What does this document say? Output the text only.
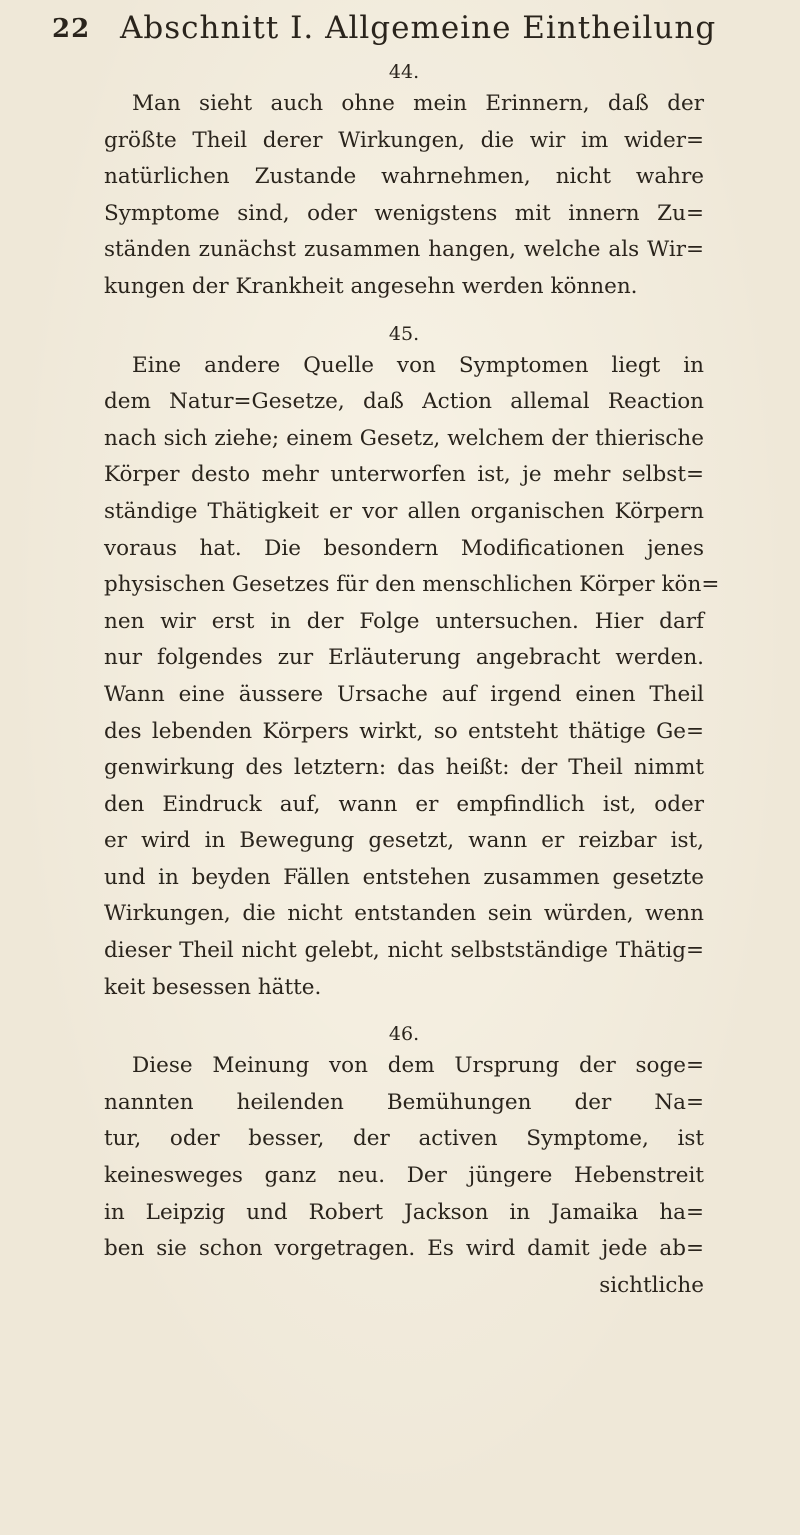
22 Abschnitt I. Allgemeine Eintheilung
44.
Man sieht auch ohne mein Erinnern, daß der
größte Theil derer Wirkungen, die wir im wider=
natürlichen Zustande wahrnehmen, nicht wahre
Symptome sind, oder wenigstens mit innern Zu=
ständen zunächst zusammen hangen, welche als Wir=
kungen der Krankheit angesehn werden können.
45.
Eine andere Quelle von Symptomen liegt in
dem Natur=Gesetze, daß Action allemal Reaction
nach sich ziehe; einem Gesetz, welchem der thierische
Körper desto mehr unterworfen ist, je mehr selbst=
ständige Thätigkeit er vor allen organischen Körpern
voraus hat. Die besondern Modificationen jenes
physischen Gesetzes für den menschlichen Körper kön=
nen wir erst in der Folge untersuchen. Hier darf
nur folgendes zur Erläuterung angebracht werden.
Wann eine äussere Ursache auf irgend einen Theil
des lebenden Körpers wirkt, so entsteht thätige Ge=
genwirkung des letztern: das heißt: der Theil nimmt
den Eindruck auf, wann er empfindlich ist, oder
er wird in Bewegung gesetzt, wann er reizbar ist,
und in beyden Fällen entstehen zusammen gesetzte
Wirkungen, die nicht entstanden sein würden, wenn
dieser Theil nicht gelebt, nicht selbstständige Thätig=
keit besessen hätte.
46.
Diese Meinung von dem Ursprung der soge=
nannten heilenden Bemühungen der Na=
tur, oder besser, der activen Symptome, ist
keinesweges ganz neu. Der jüngere Hebenstreit
in Leipzig und Robert Jackson in Jamaika ha=
ben sie schon vorgetragen. Es wird damit jede ab=
sichtliche
